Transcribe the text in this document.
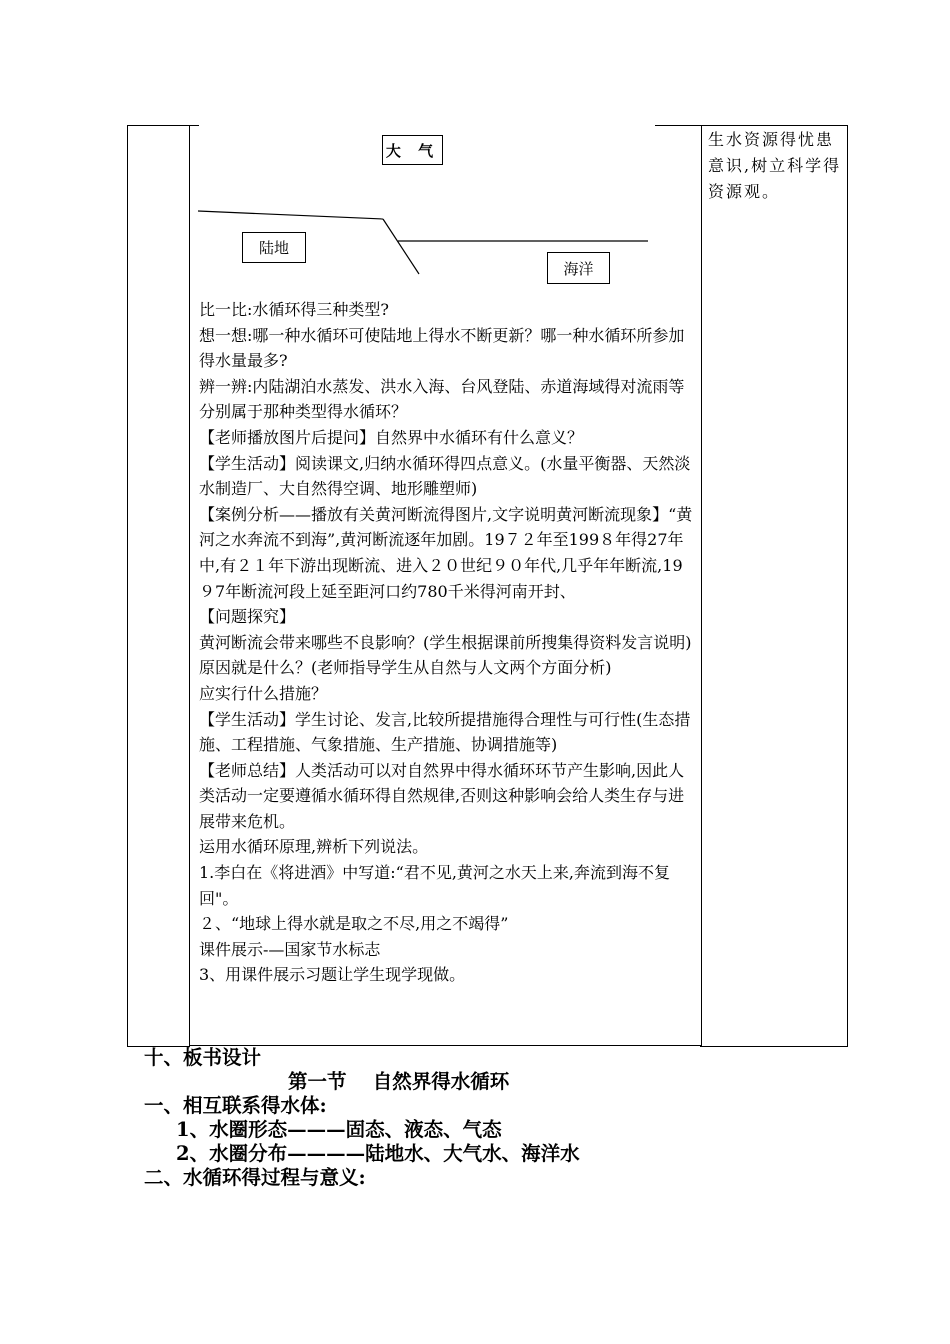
生水资源得忧患意识,树立科学得资源观。
大 气
陆地
海洋

比一比:水循环得三种类型?

想一想:哪一种水循环可使陆地上得水不断更新？哪一种水循环所参加得水量最多?

辨一辨:内陆湖泊水蒸发、洪水入海、台风登陆、赤道海域得对流雨等分别属于那种类型得水循环？

【老师播放图片后提问】自然界中水循环有什么意义？

【学生活动】阅读课文,归纳水循环得四点意义。(水量平衡器、天然淡水制造厂、大自然得空调、地形雕塑师)

【案例分析——播放有关黄河断流得图片,文字说明黄河断流现象】“黄河之水奔流不到海”,黄河断流逐年加剧。19７２年至199８年得27年中,有２１年下游出现断流、进入２０世纪９０年代,几乎年年断流,19９7年断流河段上延至距河口约780千米得河南开封、

【问题探究】

黄河断流会带来哪些不良影响？(学生根据课前所搜集得资料发言说明)

原因就是什么？(老师指导学生从自然与人文两个方面分析)

应实行什么措施？

【学生活动】学生讨论、发言,比较所提措施得合理性与可行性(生态措施、工程措施、气象措施、生产措施、协调措施等)

【老师总结】人类活动可以对自然界中得水循环环节产生影响,因此人类活动一定要遵循水循环得自然规律,否则这种影响会给人类生存与进展带来危机。

运用水循环原理,辨析下列说法。

1.李白在《将进酒》中写道:“君不见,黄河之水天上来,奔流到海不复回"。

２、“地球上得水就是取之不尽,用之不竭得”

课件展示-—国家节水标志

3、用课件展示习题让学生现学现做。

十、板书设计

第一节　 自然界得水循环

一、相互联系得水体:

1、水圈形态———固态、液态、气态

2、水圈分布————陆地水、大气水、海洋水

二、水循环得过程与意义:
